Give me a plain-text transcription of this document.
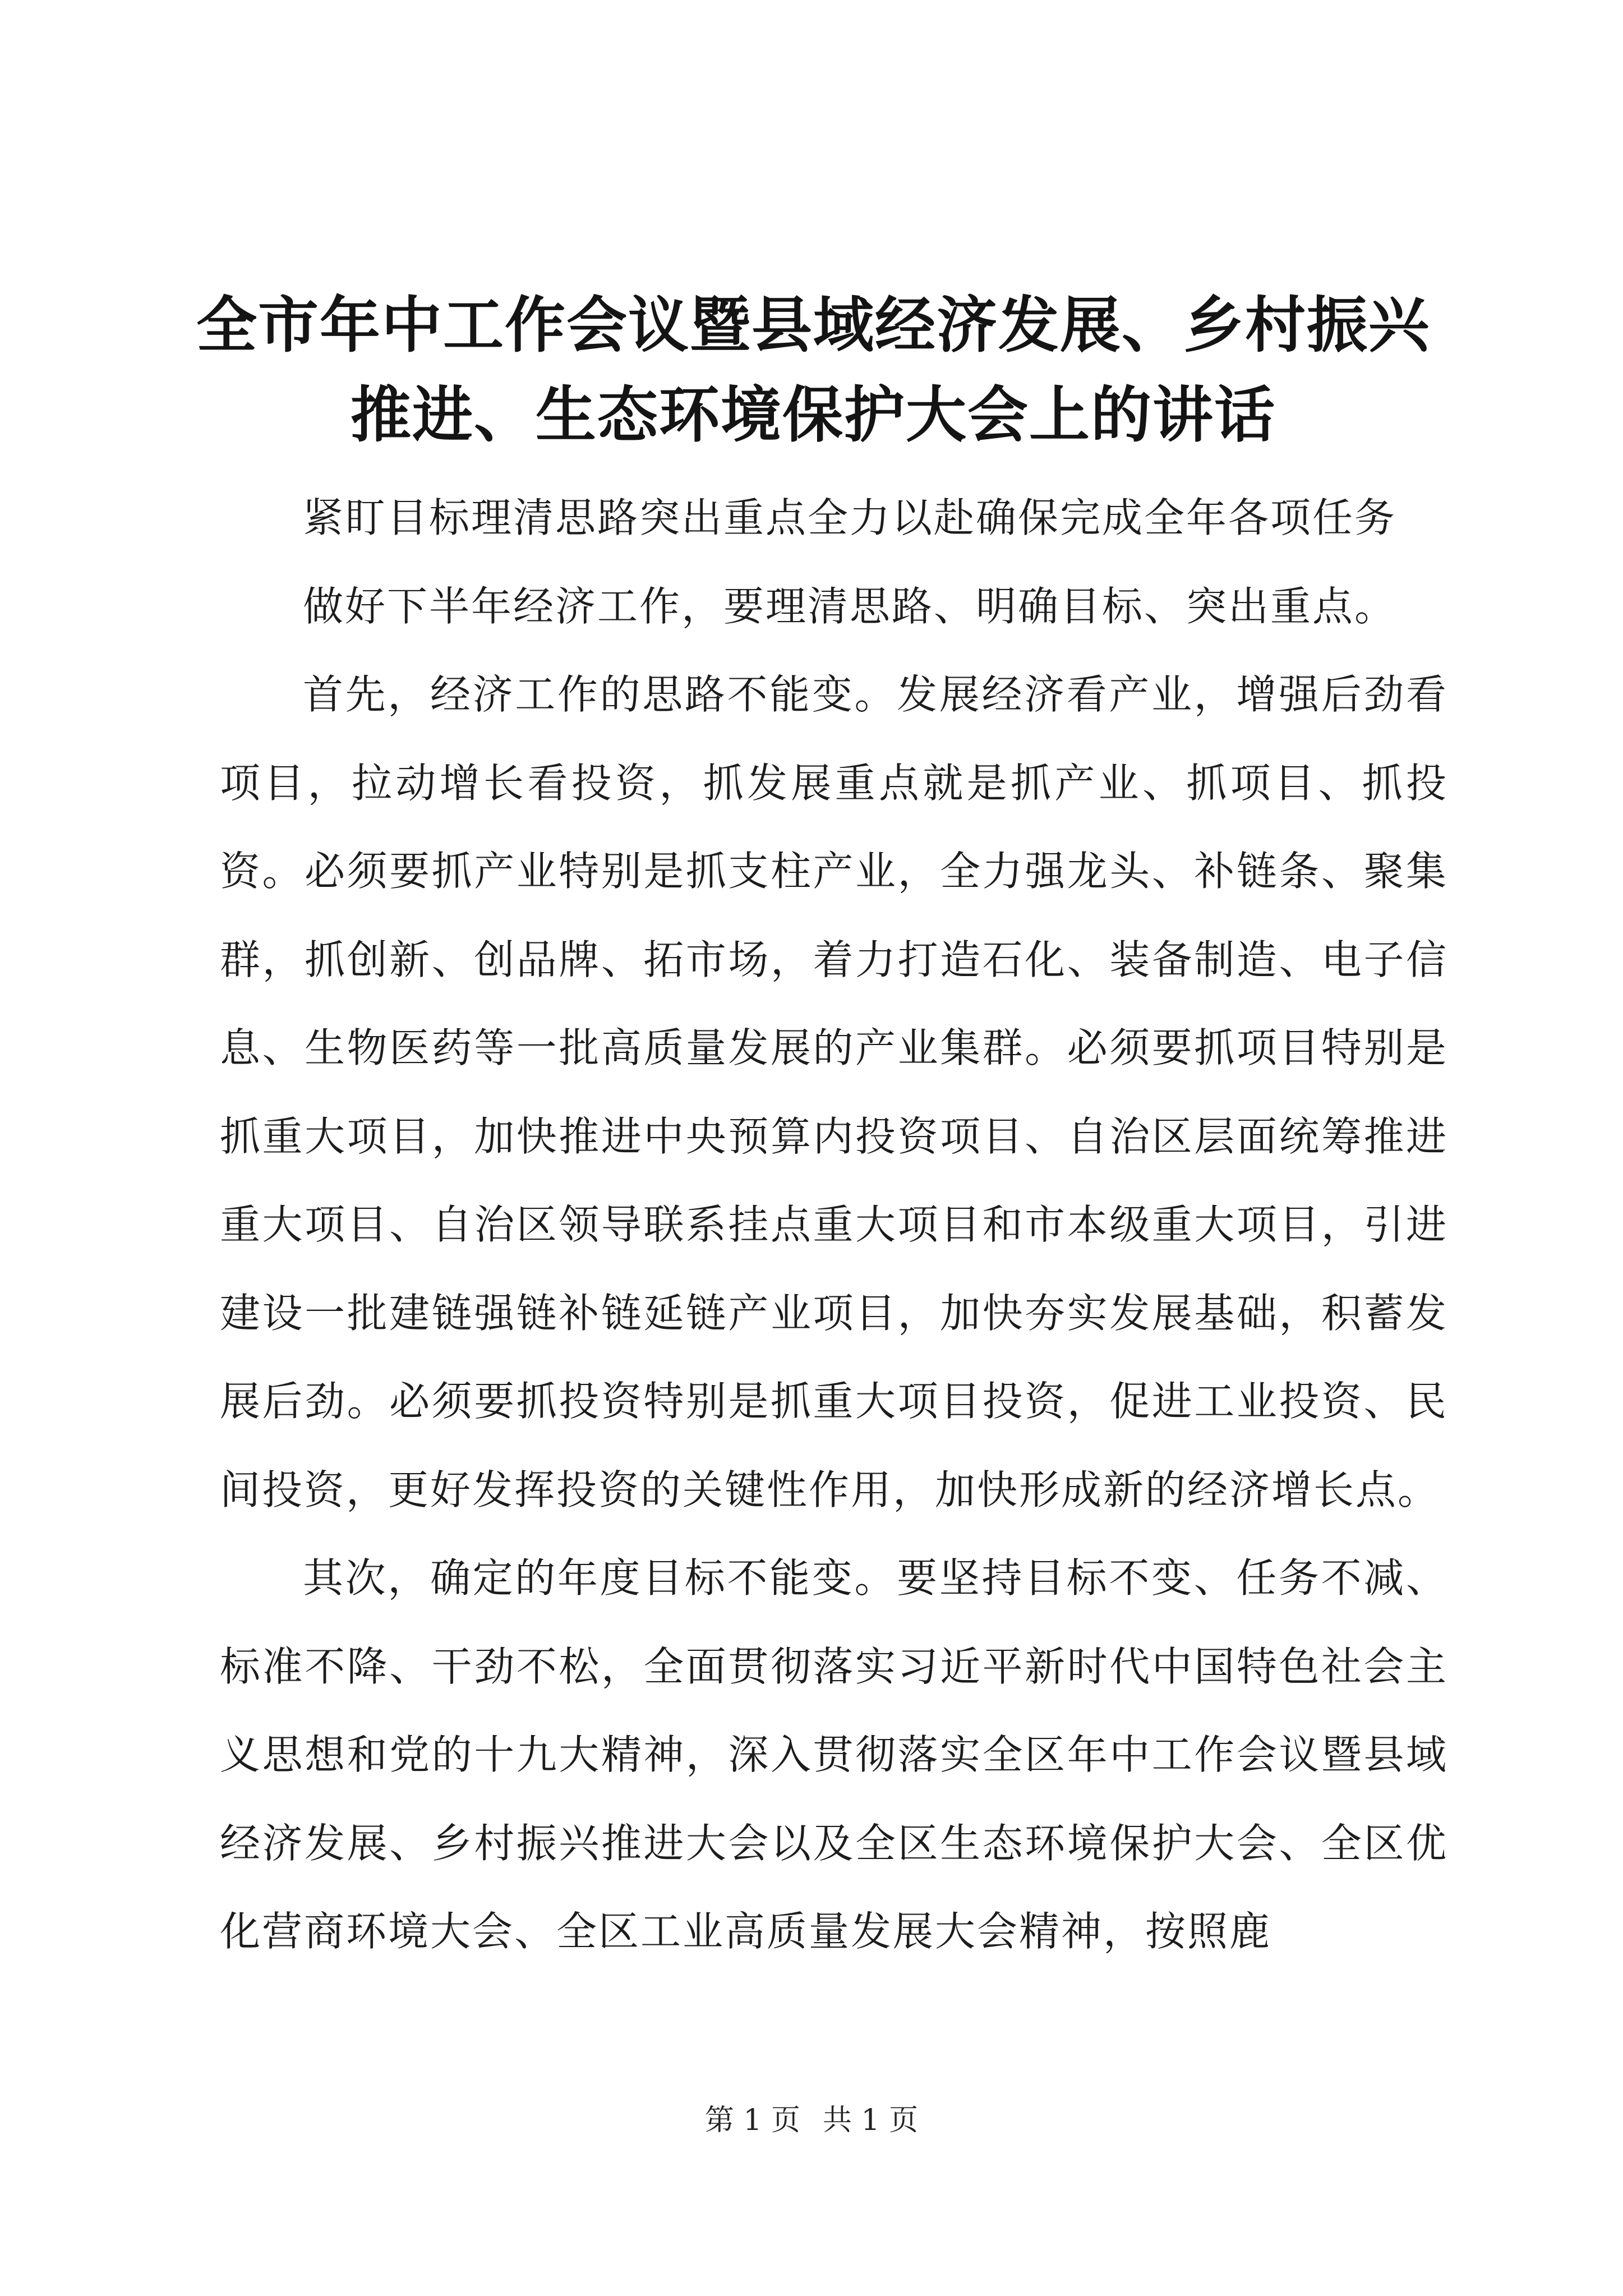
全市年中工作会议暨县域经济发展、乡村振兴
推进、生态环境保护大会上的讲话

紧盯目标理清思路突出重点全力以赴确保完成全年各项任务

做好下半年经济工作，要理清思路、明确目标、突出重点。

首先，经济工作的思路不能变。发展经济看产业，增强后劲看项目，拉动增长看投资，抓发展重点就是抓产业、抓项目、抓投资。必须要抓产业特别是抓支柱产业，全力强龙头、补链条、聚集群，抓创新、创品牌、拓市场，着力打造石化、装备制造、电子信息、生物医药等一批高质量发展的产业集群。必须要抓项目特别是抓重大项目，加快推进中央预算内投资项目、自治区层面统筹推进重大项目、自治区领导联系挂点重大项目和市本级重大项目，引进建设一批建链强链补链延链产业项目，加快夯实发展基础，积蓄发展后劲。必须要抓投资特别是抓重大项目投资，促进工业投资、民间投资，更好发挥投资的关键性作用，加快形成新的经济增长点。

其次，确定的年度目标不能变。要坚持目标不变、任务不减、标准不降、干劲不松，全面贯彻落实习近平新时代中国特色社会主义思想和党的十九大精神，深入贯彻落实全区年中工作会议暨县域经济发展、乡村振兴推进大会以及全区生态环境保护大会、全区优化营商环境大会、全区工业高质量发展大会精神，按照鹿

第 1 页 共 1 页
